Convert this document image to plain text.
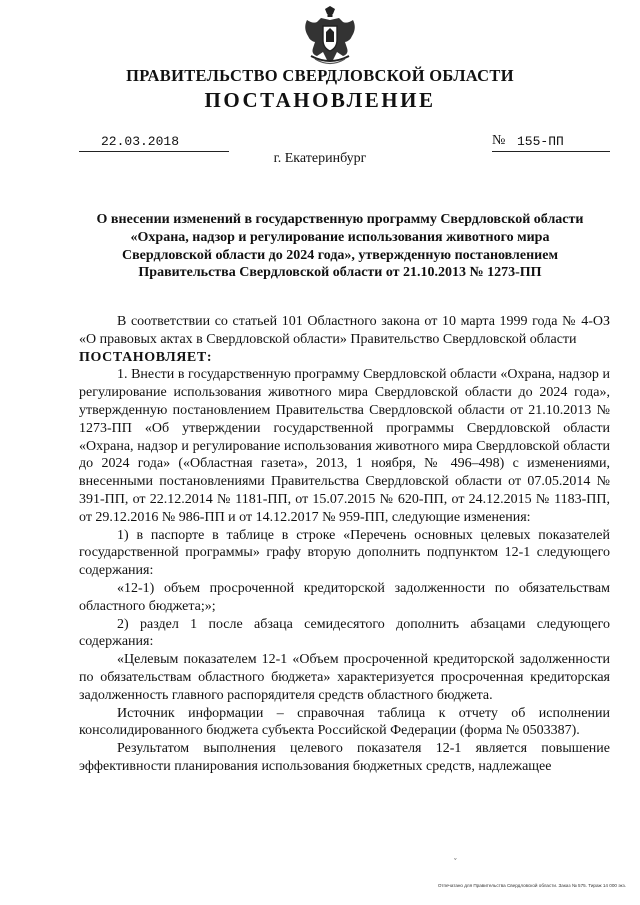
ПРАВИТЕЛЬСТВО СВЕРДЛОВСКОЙ ОБЛАСТИ
ПОСТАНОВЛЕНИЕ
22.03.2018	№ 155-ПП
г. Екатеринбург
О внесении изменений в государственную программу Свердловской области
«Охрана, надзор и регулирование использования животного мира
Свердловской области до 2024 года», утвержденную постановлением
Правительства Свердловской области от 21.10.2013 № 1273-ПП
В соответствии со статьей 101 Областного закона от 10 марта 1999 года № 4-ОЗ «О правовых актах в Свердловской области» Правительство Свердловской области
ПОСТАНОВЛЯЕТ:
1. Внести в государственную программу Свердловской области «Охрана, надзор и регулирование использования животного мира Свердловской области до 2024 года», утвержденную постановлением Правительства Свердловской области от 21.10.2013 № 1273-ПП «Об утверждении государственной программы Свердловской области «Охрана, надзор и регулирование использования животного мира Свердловской области до 2024 года» («Областная газета», 2013, 1 ноября, № 496–498) с изменениями, внесенными постановлениями Правительства Свердловской области от 07.05.2014 № 391-ПП, от 22.12.2014 № 1181-ПП, от 15.07.2015 № 620-ПП, от 24.12.2015 № 1183-ПП, от 29.12.2016 № 986-ПП и от 14.12.2017 № 959-ПП, следующие изменения:
1) в паспорте в таблице в строке «Перечень основных целевых показателей государственной программы» графу вторую дополнить подпунктом 12-1 следующего содержания:
«12-1) объем просроченной кредиторской задолженности по обязательствам областного бюджета;»;
2) раздел 1 после абзаца семидесятого дополнить абзацами следующего содержания:
«Целевым показателем 12-1 «Объем просроченной кредиторской задолженности по обязательствам областного бюджета» характеризуется просроченная кредиторская задолженность главного распорядителя средств областного бюджета.
Источник информации – справочная таблица к отчету об исполнении консолидированного бюджета субъекта Российской Федерации (форма № 0503387).
Результатом выполнения целевого показателя 12-1 является повышение эффективности планирования использования бюджетных средств, надлежащее
ˇ
Отпечатано для Правительства Свердловской области. Заказ № 575. Тираж 14 000 экз.
